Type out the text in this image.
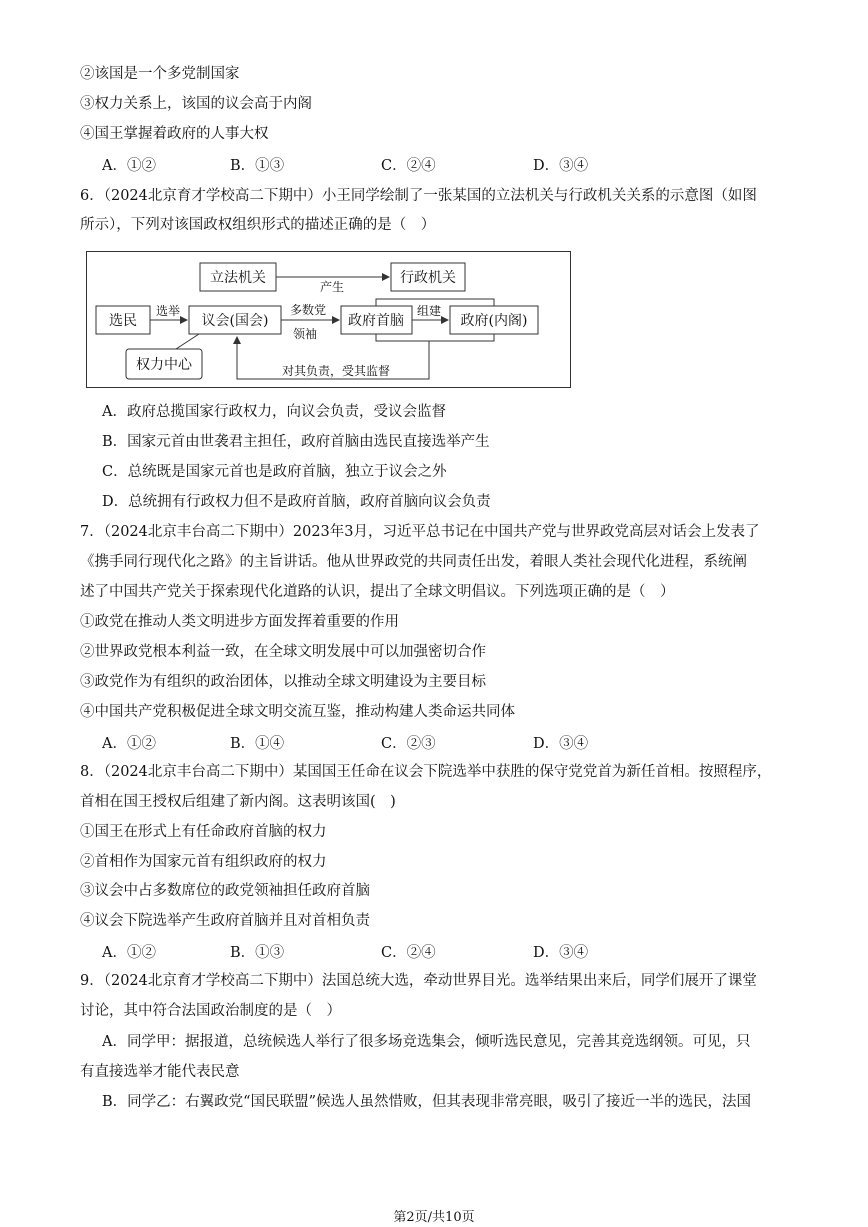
②该国是一个多党制国家
③权力关系上，该国的议会高于内阁
④国王掌握着政府的人事大权
A．①②	B．①③	C．②④	D．③④
6．（2024北京育才学校高二下期中）小王同学绘制了一张某国的立法机关与行政机关关系的示意图（如图
所示），下列对该国政权组织形式的描述正确的是（　）
立法机关	行政机关
选民	议会(国会)	政府首脑	政府(内阁)
权力中心
产生
选举	多数党
领袖
组建
对其负责，受其监督
A．政府总揽国家行政权力，向议会负责，受议会监督
B．国家元首由世袭君主担任，政府首脑由选民直接选举产生
C．总统既是国家元首也是政府首脑，独立于议会之外
D．总统拥有行政权力但不是政府首脑，政府首脑向议会负责
7．（2024北京丰台高二下期中）2023年3月，习近平总书记在中国共产党与世界政党高层对话会上发表了
《携手同行现代化之路》的主旨讲话。他从世界政党的共同责任出发，着眼人类社会现代化进程，系统阐
述了中国共产党关于探索现代化道路的认识，提出了全球文明倡议。下列选项正确的是（　）
①政党在推动人类文明进步方面发挥着重要的作用
②世界政党根本利益一致，在全球文明发展中可以加强密切合作
③政党作为有组织的政治团体，以推动全球文明建设为主要目标
④中国共产党积极促进全球文明交流互鉴，推动构建人类命运共同体
A．①②	B．①④	C．②③	D．③④
8．（2024北京丰台高二下期中）某国国王任命在议会下院选举中获胜的保守党党首为新任首相。按照程序，
首相在国王授权后组建了新内阁。这表明该国(　)
①国王在形式上有任命政府首脑的权力
②首相作为国家元首有组织政府的权力
③议会中占多数席位的政党领袖担任政府首脑
④议会下院选举产生政府首脑并且对首相负责
A．①②	B．①③	C．②④	D．③④
9．（2024北京育才学校高二下期中）法国总统大选，牵动世界目光。选举结果出来后，同学们展开了课堂
讨论，其中符合法国政治制度的是（　）
A．同学甲：据报道，总统候选人举行了很多场竞选集会，倾听选民意见，完善其竞选纲领。可见，只
有直接选举才能代表民意
B．同学乙：右翼政党“国民联盟”候选人虽然惜败，但其表现非常亮眼，吸引了接近一半的选民，法国
第2页/共10页
